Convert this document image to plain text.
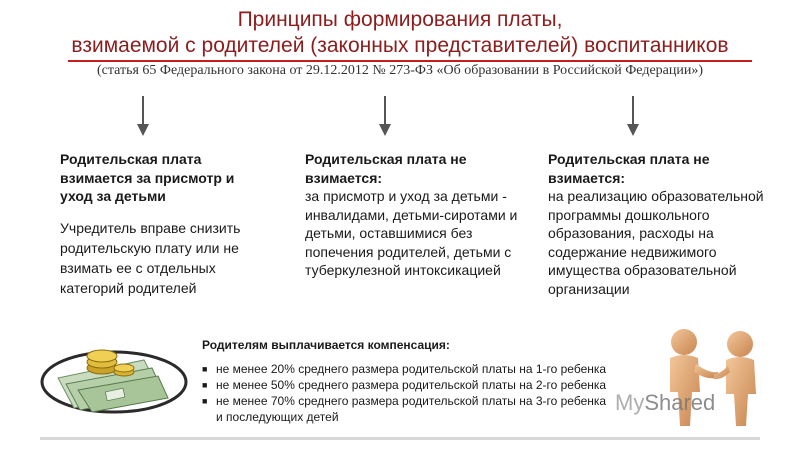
Принципы формирования платы,
взимаемой с родителей (законных представителей) воспитанников
(статья 65 Федерального закона от 29.12.2012 № 273-ФЗ «Об образовании в Российской Федерации»)
Родительская плата взимается за присмотр и уход за детьми
Учредитель вправе снизить родительскую плату или не взимать ее с отдельных категорий родителей
Родительская плата не взимается:
за присмотр и уход за детьми - инвалидами, детьми-сиротами и детьми, оставшимися без попечения родителей, детьми с туберкулезной интоксикацией
Родительская плата не взимается:
на реализацию образовательной программы дошкольного образования, расходы на содержание недвижимого имущества образовательной организации
Родителям выплачивается компенсация:
■ не менее 20% среднего размера родительской платы на 1-го ребенка
■ не менее 50% среднего размера родительской платы на 2-го ребенка
■ не менее 70% среднего размера родительской платы на 3-го ребенка
и последующих детей
MyShared
